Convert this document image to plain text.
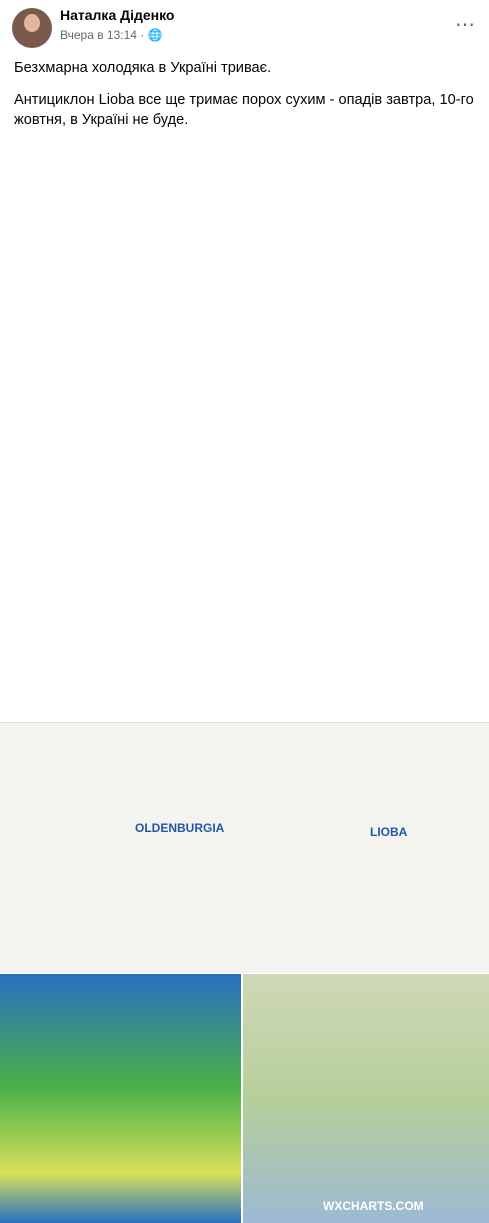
Наталка Діденко
Вчера в 13:14 · 🌐	⋯

Безхмарна холодяка в Україні триває.

Антициклон Lioba все ще тримає порох сухим - опадів завтра, 10-го жовтня, в Україні не буде.

OLDENBURGIA	LIOBA
WXCHARTS.COM
